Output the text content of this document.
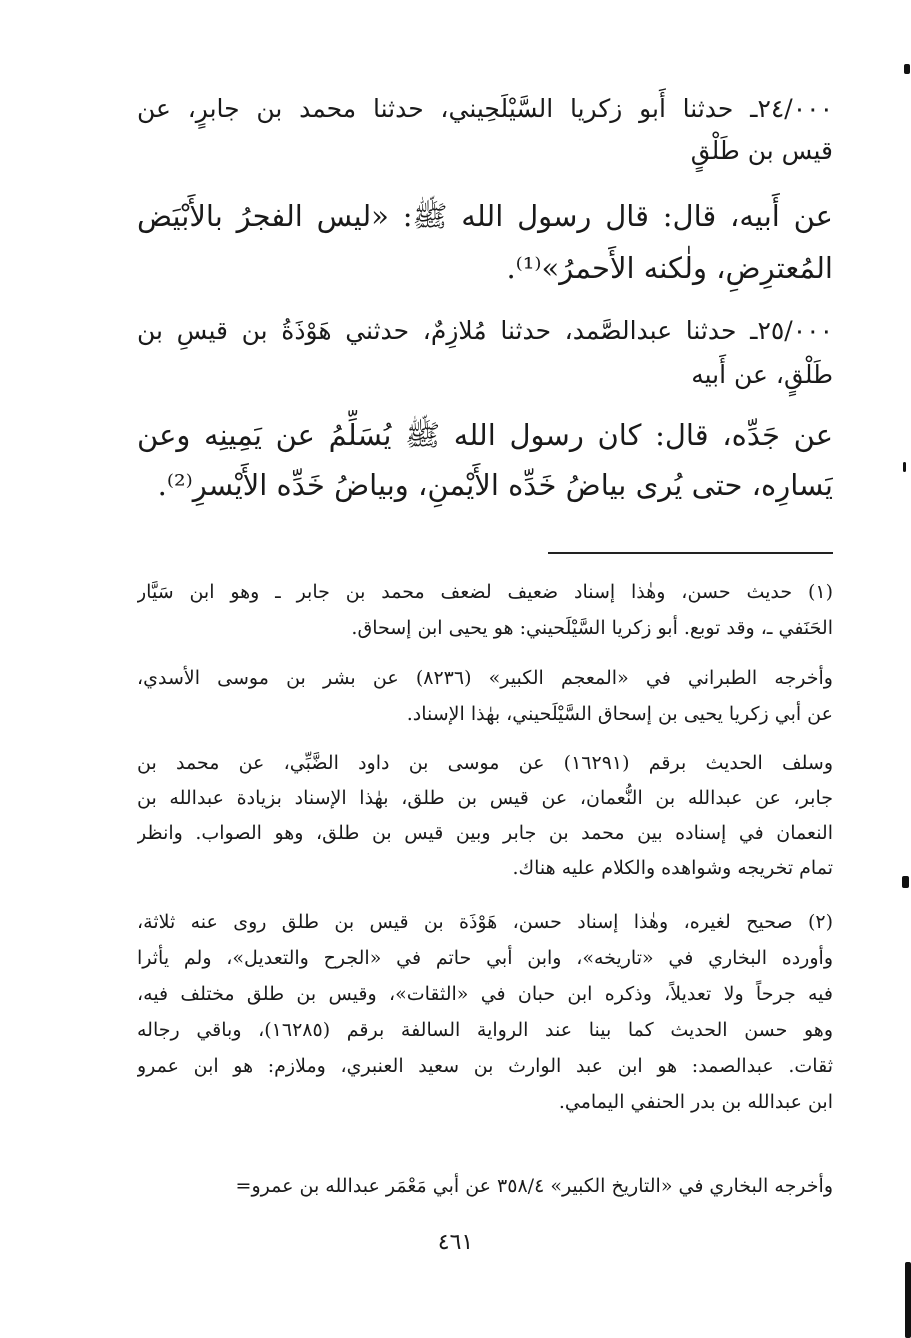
٢٤/٠٠٠ـ حدثنا أَبو زكريا السَّيْلَحِيني، حدثنا محمد بن جابرٍ، عن
قيس بن طَلْقٍ
عن أَبيه، قال: قال رسول الله ﷺ: «ليس الفجرُ بالأَبْيَض
المُعترِضِ، ولٰكنه الأَحمرُ»⁽¹⁾.
٢٥/٠٠٠ـ حدثنا عبدالصَّمد، حدثنا مُلازِمٌ، حدثني هَوْذَةُ بن قيسِ بن
طَلْقٍ، عن أَبيه
عن جَدِّه، قال: كان رسول الله ﷺ يُسَلِّمُ عن يَمِينِه وعن
يَسارِه، حتى يُرى بياضُ خَدِّه الأَيْمنِ، وبياضُ خَدِّه الأَيْسرِ⁽²⁾.
(١) حديث حسن، وهٰذا إسناد ضعيف لضعف محمد بن جابر ـ وهو ابن سَيَّار
الحَنَفي ـ، وقد توبع. أبو زكريا السَّيْلَحيني: هو يحيى ابن إسحاق.
وأخرجه الطبراني في «المعجم الكبير» (٨٢٣٦) عن بشر بن موسى الأسدي،
عن أبي زكريا يحيى بن إسحاق السَّيْلَحيني، بهٰذا الإسناد.
وسلف الحديث برقم (١٦٢٩١) عن موسى بن داود الضَّبِّي، عن محمد بن
جابر، عن عبدالله بن النُّعمان، عن قيس بن طلق، بهٰذا الإسناد بزيادة عبدالله بن
النعمان في إسناده بين محمد بن جابر وبين قيس بن طلق، وهو الصواب. وانظر
تمام تخريجه وشواهده والكلام عليه هناك.
(٢) صحيح لغيره، وهٰذا إسناد حسن، هَوْذَة بن قيس بن طلق روى عنه ثلاثة،
وأورده البخاري في «تاريخه»، وابن أبي حاتم في «الجرح والتعديل»، ولم يأثرا
فيه جرحاً ولا تعديلاً، وذكره ابن حبان في «الثقات»، وقيس بن طلق مختلف فيه،
وهو حسن الحديث كما بينا عند الرواية السالفة برقم (١٦٢٨٥)، وباقي رجاله
ثقات. عبدالصمد: هو ابن عبد الوارث بن سعيد العنبري، وملازم: هو ابن عمرو
ابن عبدالله بن بدر الحنفي اليمامي.
وأخرجه البخاري في «التاريخ الكبير» ٣٥٨/٤ عن أبي مَعْمَر عبدالله بن عمرو=
٤٦١
